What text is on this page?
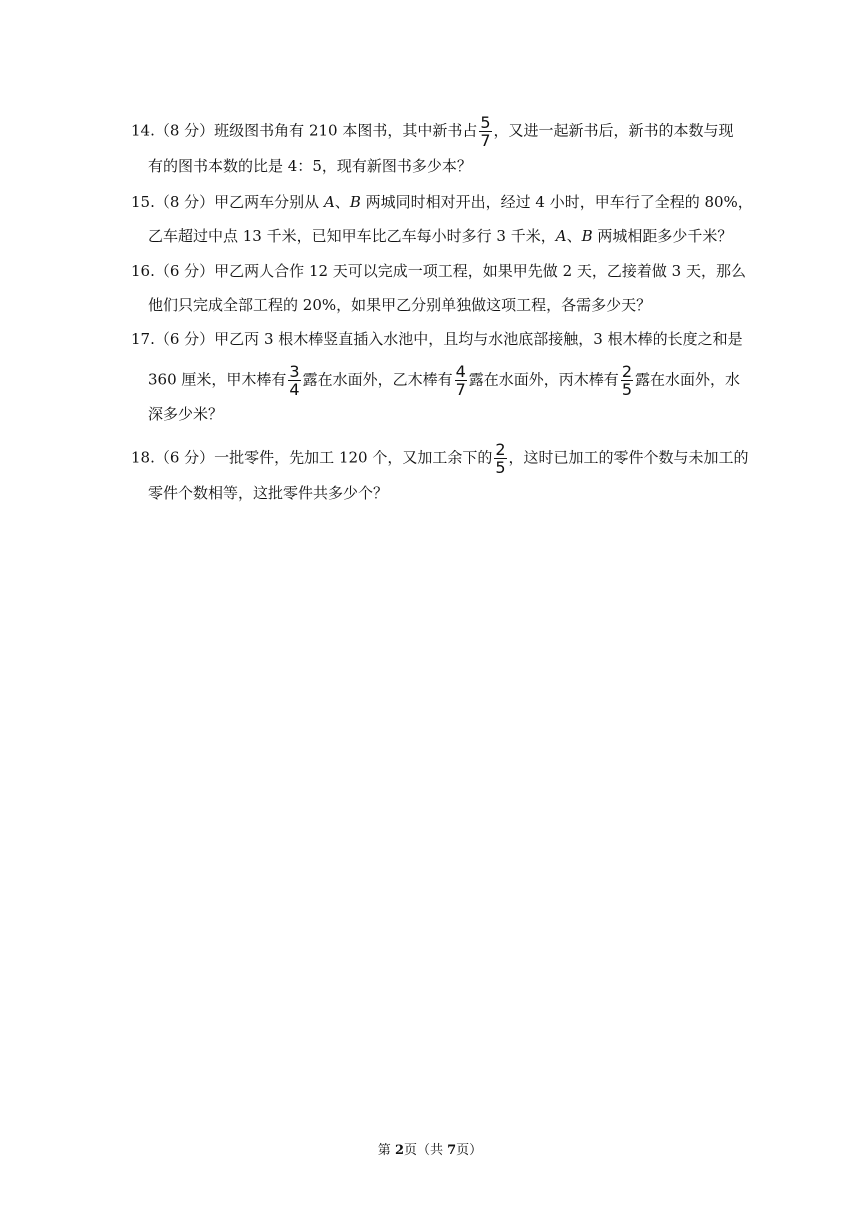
14.（8 分）班级图书角有 210 本图书，其中新书占 $\frac{5}{7}$ ，又进一起新书后，新书的本数与现
有的图书本数的比是 4：5，现有新图书多少本？
15.（8 分）甲乙两车分别从 A、B 两城同时相对开出，经过 4 小时，甲车行了全程的 80%，
乙车超过中点 13 千米，已知甲车比乙车每小时多行 3 千米，A、B 两城相距多少千米？
16.（6 分）甲乙两人合作 12 天可以完成一项工程，如果甲先做 2 天，乙接着做 3 天，那么
他们只完成全部工程的 20%，如果甲乙分别单独做这项工程，各需多少天？
17.（6 分）甲乙丙 3 根木棒竖直插入水池中，且均与水池底部接触，3 根木棒的长度之和是
360 厘米，甲木棒有 $\frac{3}{4}$ 露在水面外，乙木棒有 $\frac{4}{7}$ 露在水面外，丙木棒有 $\frac{2}{5}$ 露在水面外，水
深多少米？
18.（6 分）一批零件，先加工 120 个，又加工余下的 $\frac{2}{5}$ ，这时已加工的零件个数与未加工的
零件个数相等，这批零件共多少个？
第 2页（共 7页）
